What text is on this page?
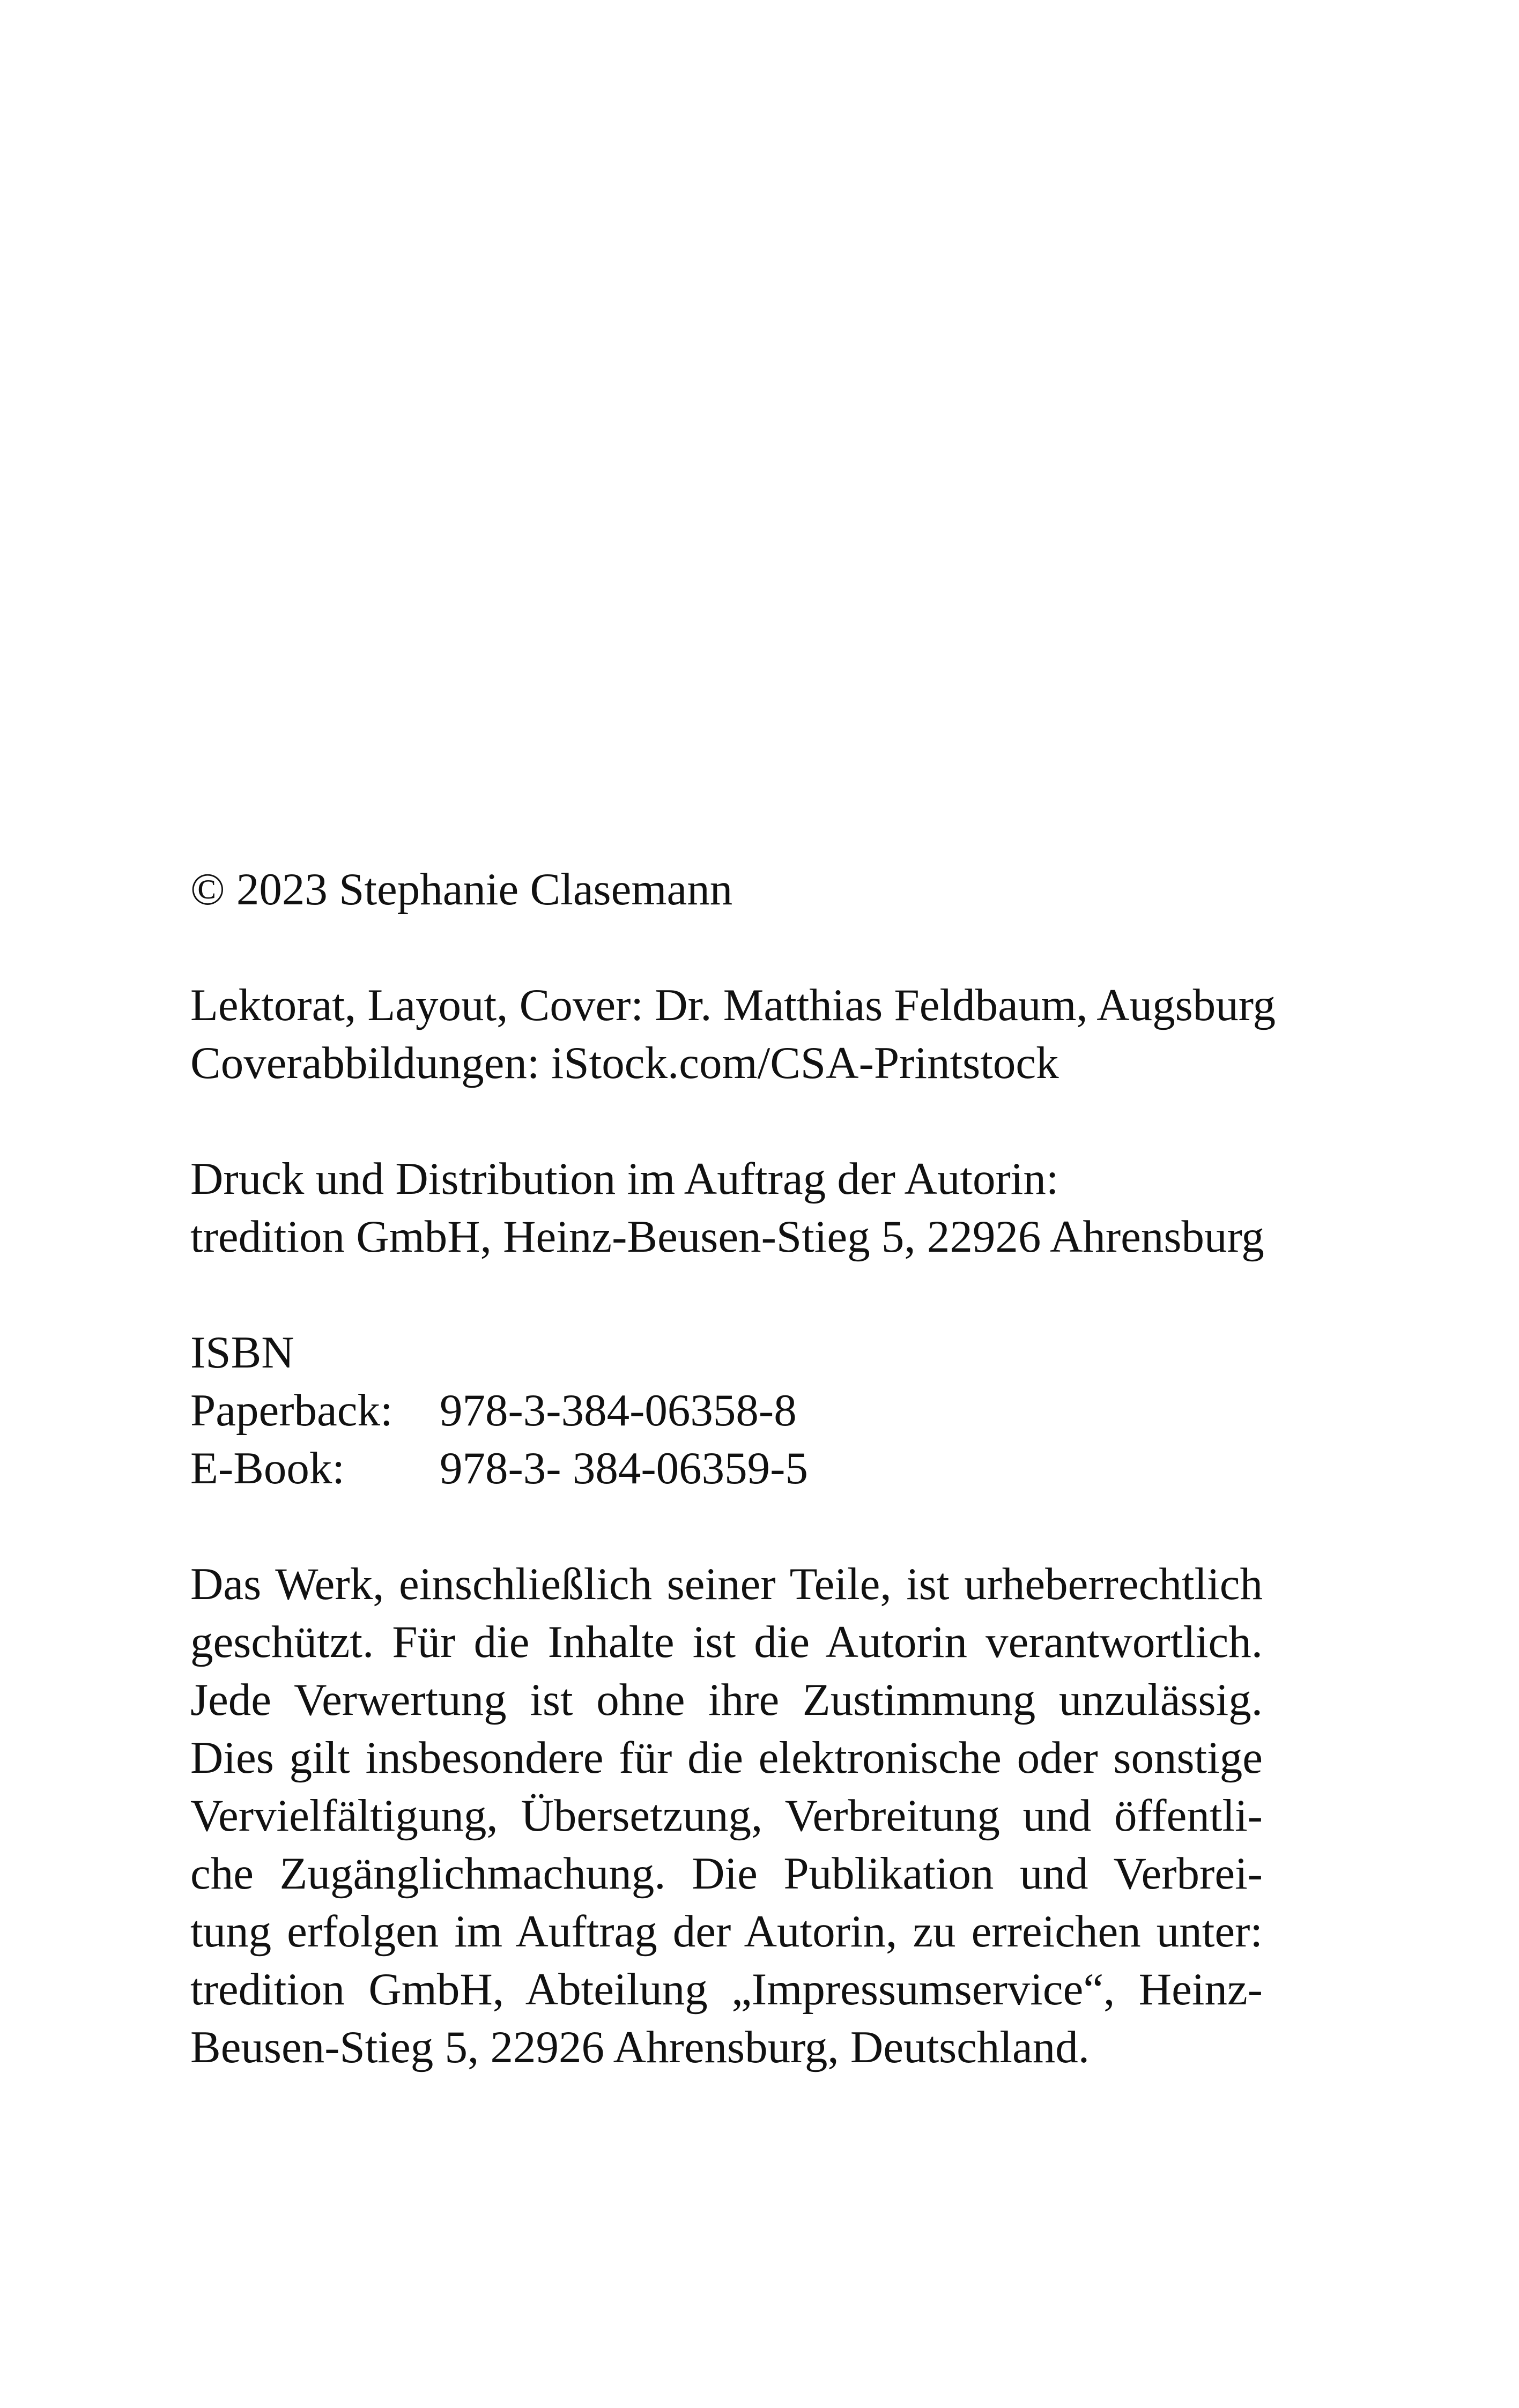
© 2023 Stephanie Clasemann
Lektorat, Layout, Cover: Dr. Matthias Feldbaum, Augsburg
Coverabbildungen: iStock.com/CSA-Printstock
Druck und Distribution im Auftrag der Autorin:
tredition GmbH, Heinz-Beusen-Stieg 5, 22926 Ahrensburg
ISBN
Paperback:	978-3-384-06358-8
E-Book:	978-3- 384-06359-5
Das Werk, einschließlich seiner Teile, ist urheberrechtlich
geschützt. Für die Inhalte ist die Autorin verantwortlich.
Jede Verwertung ist ohne ihre Zustimmung unzulässig.
Dies gilt insbesondere für die elektronische oder sonstige
Vervielfältigung, Übersetzung, Verbreitung und öffentli-
che Zugänglichmachung. Die Publikation und Verbrei-
tung erfolgen im Auftrag der Autorin, zu erreichen unter:
tredition GmbH, Abteilung „Impressumservice“, Heinz-
Beusen-Stieg 5, 22926 Ahrensburg, Deutschland.
